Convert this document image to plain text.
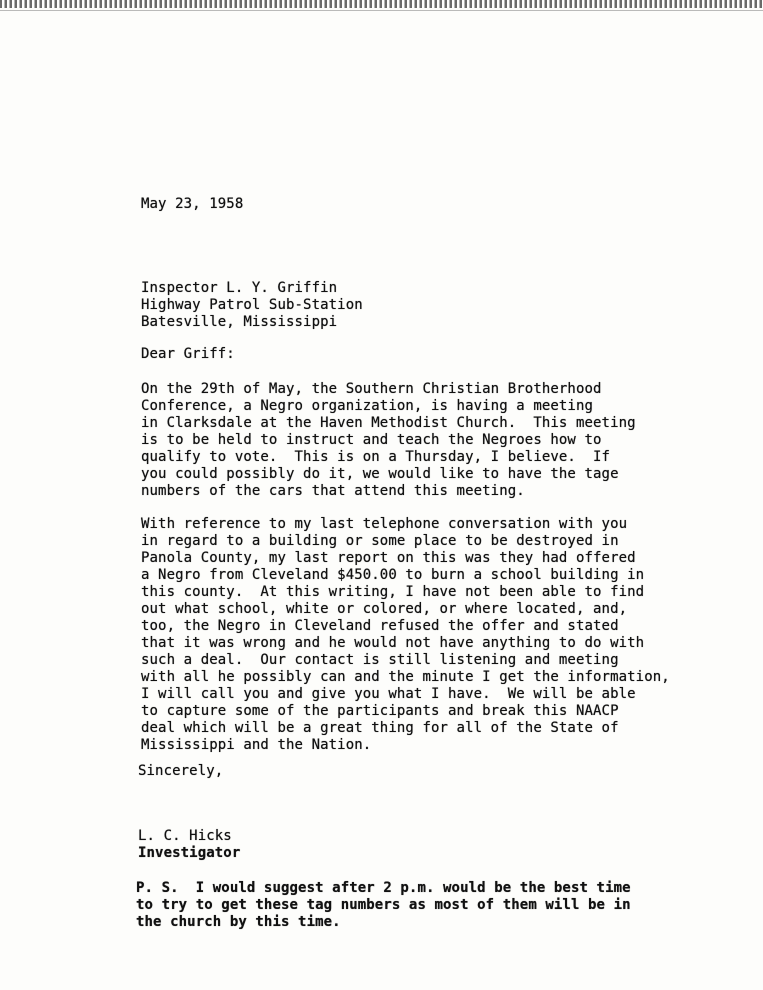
May 23, 1958

Inspector L. Y. Griffin

Highway Patrol Sub-Station

Batesville, Mississippi

Dear Griff:

On the 29th of May, the Southern Christian Brotherhood

Conference, a Negro organization, is having a meeting

in Clarksdale at the Haven Methodist Church.  This meeting

is to be held to instruct and teach the Negroes how to

qualify to vote.  This is on a Thursday, I believe.  If

you could possibly do it, we would like to have the tage

numbers of the cars that attend this meeting.

With reference to my last telephone conversation with you

in regard to a building or some place to be destroyed in

Panola County, my last report on this was they had offered

a Negro from Cleveland $450.00 to burn a school building in

this county.  At this writing, I have not been able to find

out what school, white or colored, or where located, and,

too, the Negro in Cleveland refused the offer and stated

that it was wrong and he would not have anything to do with

such a deal.  Our contact is still listening and meeting

with all he possibly can and the minute I get the information,

I will call you and give you what I have.  We will be able

to capture some of the participants and break this NAACP

deal which will be a great thing for all of the State of

Mississippi and the Nation.

Sincerely,

L. C. Hicks

Investigator

P. S.  I would suggest after 2 p.m. would be the best time

to try to get these tag numbers as most of them will be in

the church by this time.
